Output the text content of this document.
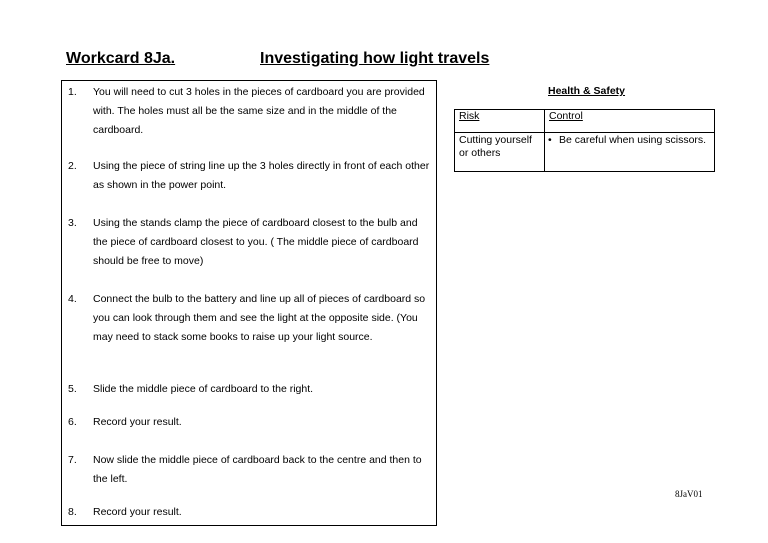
Workcard 8Ja.	Investigating how light travels
1. You will need to cut 3 holes in the pieces of cardboard you are provided with. The holes must all be the same size and in the middle of the cardboard.
2. Using the piece of string line up the 3 holes directly in front of each other as shown in the power point.
3. Using the stands clamp the piece of cardboard closest to the bulb and the piece of cardboard closest to you. ( The middle piece of cardboard should be free to move)
4. Connect the bulb to the battery and line up all of pieces of cardboard so you can look through them and see the light at the opposite side. (You may need to stack some books to raise up your light source.
5. Slide the middle piece of cardboard to the right.
6. Record your result.
7. Now slide the middle piece of cardboard back to the centre and then to the left.
8. Record your result.
Health & Safety
Risk	Control
Cutting yourself or others
• Be careful when using scissors.
8JaV01
